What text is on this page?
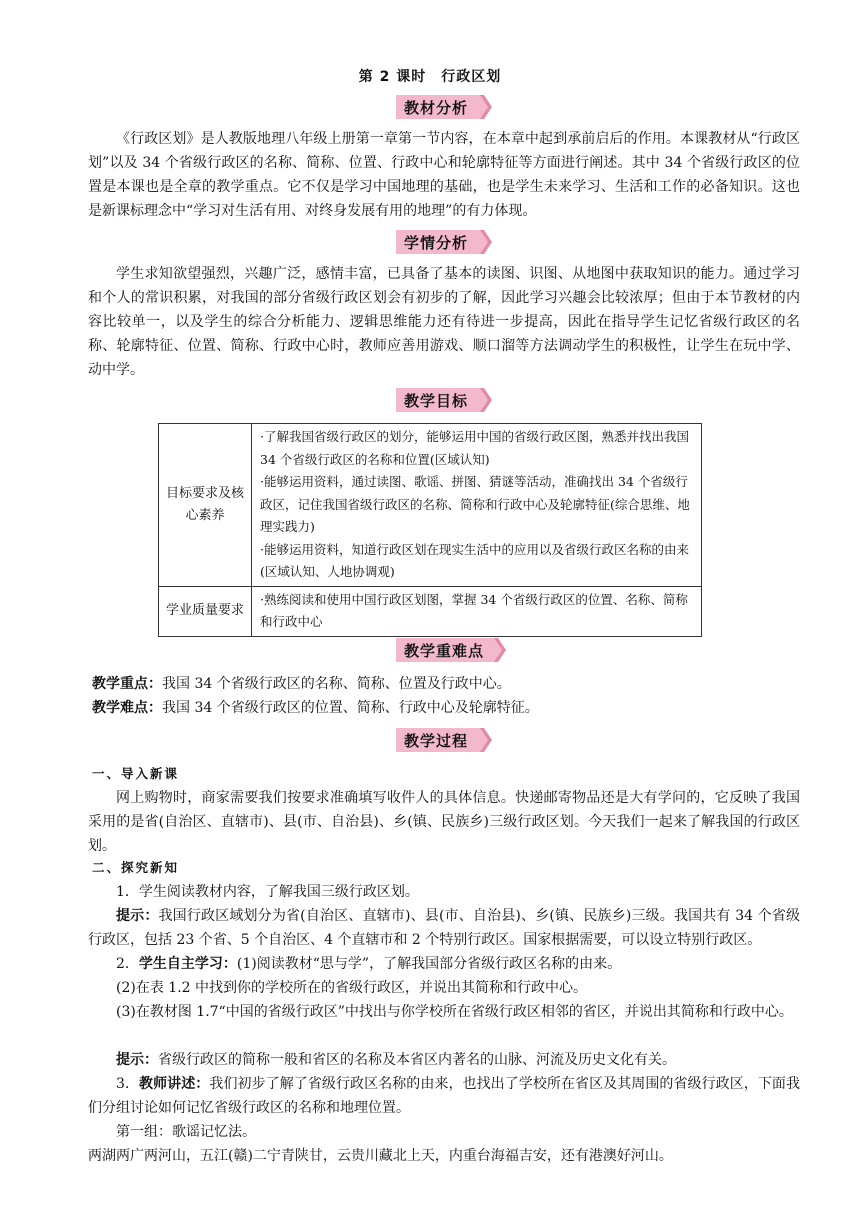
第 2 课时　行政区划
教材分析
《行政区划》是人教版地理八年级上册第一章第一节内容，在本章中起到承前启后的作用。本课教材从“行政区划”以及 34 个省级行政区的名称、简称、位置、行政中心和轮廓特征等方面进行阐述。其中 34 个省级行政区的位置是本课也是全章的教学重点。它不仅是学习中国地理的基础，也是学生未来学习、生活和工作的必备知识。这也是新课标理念中“学习对生活有用、对终身发展有用的地理”的有力体现。
学情分析
学生求知欲望强烈，兴趣广泛，感情丰富，已具备了基本的读图、识图、从地图中获取知识的能力。通过学习和个人的常识积累，对我国的部分省级行政区划会有初步的了解，因此学习兴趣会比较浓厚；但由于本节教材的内容比较单一，以及学生的综合分析能力、逻辑思维能力还有待进一步提高，因此在指导学生记忆省级行政区的名称、轮廓特征、位置、简称、行政中心时，教师应善用游戏、顺口溜等方法调动学生的积极性，让学生在玩中学、动中学。
教学目标
目标要求及核心素养	·了解我国省级行政区的划分，能够运用中国的省级行政区图，熟悉并找出我国 34 个省级行政区的名称和位置(区域认知)
·能够运用资料，通过读图、歌谣、拼图、猜谜等活动，准确找出 34 个省级行政区，记住我国省级行政区的名称、简称和行政中心及轮廓特征(综合思维、地理实践力)
·能够运用资料，知道行政区划在现实生活中的应用以及省级行政区名称的由来(区域认知、人地协调观)

学业质量要求	·熟练阅读和使用中国行政区划图，掌握 34 个省级行政区的位置、名称、简称和行政中心
教学重难点
教学重点：我国 34 个省级行政区的名称、简称、位置及行政中心。
教学难点：我国 34 个省级行政区的位置、简称、行政中心及轮廓特征。
教学过程
一、导入新课
网上购物时，商家需要我们按要求准确填写收件人的具体信息。快递邮寄物品还是大有学问的，它反映了我国采用的是省(自治区、直辖市)、县(市、自治县)、乡(镇、民族乡)三级行政区划。今天我们一起来了解我国的行政区划。
二、探究新知
1．学生阅读教材内容，了解我国三级行政区划。
提示：我国行政区域划分为省(自治区、直辖市)、县(市、自治县)、乡(镇、民族乡)三级。我国共有 34 个省级行政区，包括 23 个省、5 个自治区、4 个直辖市和 2 个特别行政区。国家根据需要，可以设立特别行政区。
2．学生自主学习：(1)阅读教材“思与学”，了解我国部分省级行政区名称的由来。
(2)在表 1.2 中找到你的学校所在的省级行政区，并说出其简称和行政中心。
(3)在教材图 1.7“中国的省级行政区”中找出与你学校所在省级行政区相邻的省区，并说出其简称和行政中心。
提示：省级行政区的简称一般和省区的名称及本省区内著名的山脉、河流及历史文化有关。
3．教师讲述：我们初步了解了省级行政区名称的由来，也找出了学校所在省区及其周围的省级行政区，下面我们分组讨论如何记忆省级行政区的名称和地理位置。
第一组：歌谣记忆法。
两湖两广两河山，五江(赣)二宁青陕甘，云贵川藏北上天，内重台海福吉安，还有港澳好河山。
